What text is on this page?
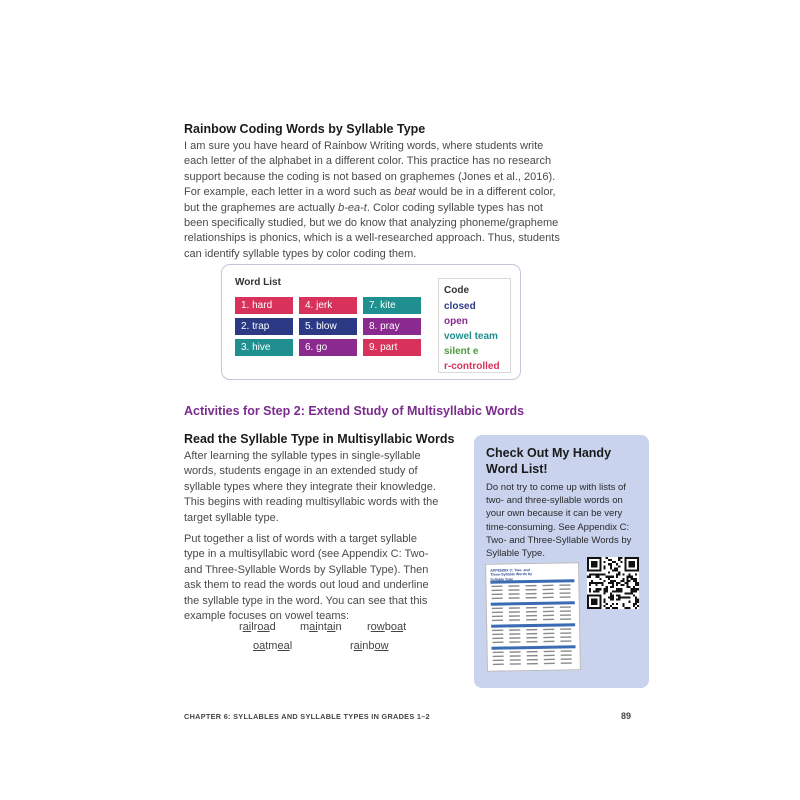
Rainbow Coding Words by Syllable Type
I am sure you have heard of Rainbow Writing words, where students write
each letter of the alphabet in a different color. This practice has no research
support because the coding is not based on graphemes (Jones et al., 2016).
For example, each letter in a word such as beat would be in a different color,
but the graphemes are actually b-ea-t. Color coding syllable types has not
been specifically studied, but we do know that analyzing phoneme/grapheme
relationships is phonics, which is a well-researched approach. Thus, students
can identify syllable types by color coding them.
Word List
1. hard	4. jerk	7. kite
2. trap	5. blow	8. pray
3. hive	6. go	9. part
Code
closed
open
vowel team
silent e
r-controlled
Activities for Step 2: Extend Study of Multisyllabic Words
Read the Syllable Type in Multisyllabic Words
After learning the syllable types in single-syllable
words, students engage in an extended study of
syllable types where they integrate their knowledge.
This begins with reading multisyllabic words with the
target syllable type.
Put together a list of words with a target syllable
type in a multisyllabic word (see Appendix C: Two-
and Three-Syllable Words by Syllable Type). Then
ask them to read the words out loud and underline
the syllable type in the word. You can see that this
example focuses on vowel teams:
railroad maintain rowboat
oatmeal	rainbow
Check Out My Handy Word List!
Do not try to come up with lists of
two- and three-syllable words on
your own because it can be very
time-consuming. See Appendix C:
Two- and Three-Syllable Words by
Syllable Type.
APPENDIX C: Two- and Three-Syllable Words by Syllable Type
CHAPTER 6: SYLLABLES AND SYLLABLE TYPES IN GRADES 1–2	89
